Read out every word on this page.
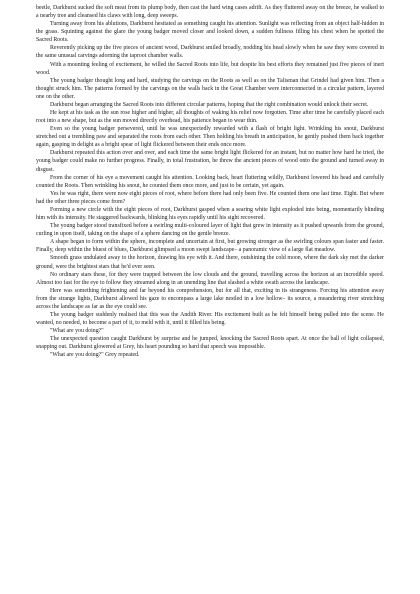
beetle, Darkburst sucked the soft meat from its plump body, then cast the hard wing cases adrift. As they fluttered away on the breeze, he walked to a nearby tree and cleansed his claws with long, deep sweeps.

Turning away from his ablutions, Darkburst hesitated as something caught his attention. Sunlight was reflecting from an object half-hidden in the grass. Squinting against the glare the young badger moved closer and looked down, a sudden fullness filling his chest when he spotted the Sacred Roots.

Reverently picking up the five pieces of ancient wood, Darkburst smiled broadly, nodding his head slowly when he saw they were covered in the same unusual carvings adorning the taproot chamber walls.

With a mounting feeling of excitement, he willed the Sacred Roots into life, but despite his best efforts they remained just five pieces of inert wood.

The young badger thought long and hard, studying the carvings on the Roots as well as on the Talisman that Grindel had given him. Then a thought struck him. The patterns formed by the carvings on the walls back in the Great Chamber were interconnected in a circular pattern, layered one on the other.

Darkburst began arranging the Sacred Roots into different circular patterns, hoping that the right combination would unlock their secret.

He kept at his task as the sun rose higher and higher, all thoughts of waking his relief now forgotten. Time after time he carefully placed each root into a new shape, but as the sun moved directly overhead, his patience began to wear thin.

Even so the young badger persevered, until he was unexpectedly rewarded with a flash of bright light. Wrinkling his snout, Darkburst stretched out a trembling paw and separated the roots from each other. Then holding his breath in anticipation, he gently pushed them back together again, gasping in delight as a bright spear of light flickered between their ends once more.

Darkburst repeated this action over and over, and each time the same bright light flickered for an instant, but no matter how hard he tried, the young badger could make no further progress. Finally, in total frustration, he threw the ancient pieces of wood onto the ground and turned away in disgust.

From the corner of his eye a movement caught his attention. Looking back, heart fluttering wildly, Darkburst lowered his head and carefully counted the Roots. Then wrinkling his snout, he counted them once more, and just to be certain, yet again.

Yes he was right, there were now eight pieces of root, where before there had only been five. He counted them one last time. Eight. But where had the other three pieces come from?

Forming a new circle with the eight pieces of root, Darkburst gasped when a searing white light exploded into being, momentarily blinding him with its intensity. He staggered backwards, blinking his eyes rapidly until his sight recovered.

The young badger stood transfixed before a swirling multi-coloured layer of light that grew in intensity as it pushed upwards from the ground, curling in upon itself, taking on the shape of a sphere dancing on the gentle breeze.

A shape began to form within the sphere, incomplete and uncertain at first, but growing stronger as the swirling colours span faster and faster. Finally, deep within the bluest of blues, Darkburst glimpsed a moon swept landscape– a panoramic view of a large flat meadow.

Smooth grass undulated away to the horizon, drawing his eye with it. And there, outshining the cold moon, where the dark sky met the darker ground, were the brightest stars that he'd ever seen.

No ordinary stars these, for they were trapped between the low clouds and the ground, travelling across the horizon at an incredible speed. Almost too fast for the eye to follow they streamed along in an unending line that slashed a white swath across the landscape.

Here was something frightening and far beyond his comprehension, but for all that, exciting in its strangeness. Forcing his attention away from the strange lights, Darkburst allowed his gaze to encompass a large lake nestled in a low hollow– its source, a meandering river stretching across the landscape as far as the eye could see.

The young badger suddenly realised that this was the Andith River. His excitement built as he felt himself being pulled into the scene. He wanted, no needed, to become a part of it, to meld with it, until it filled his being.

"What are you doing?"

The unexpected question caught Darkburst by surprise and he jumped, knocking the Sacred Roots apart. At once the ball of light collapsed, snapping out. Darkburst glowered at Grey, his heart pounding so hard that speech was impossible.

"What are you doing?" Grey repeated.
